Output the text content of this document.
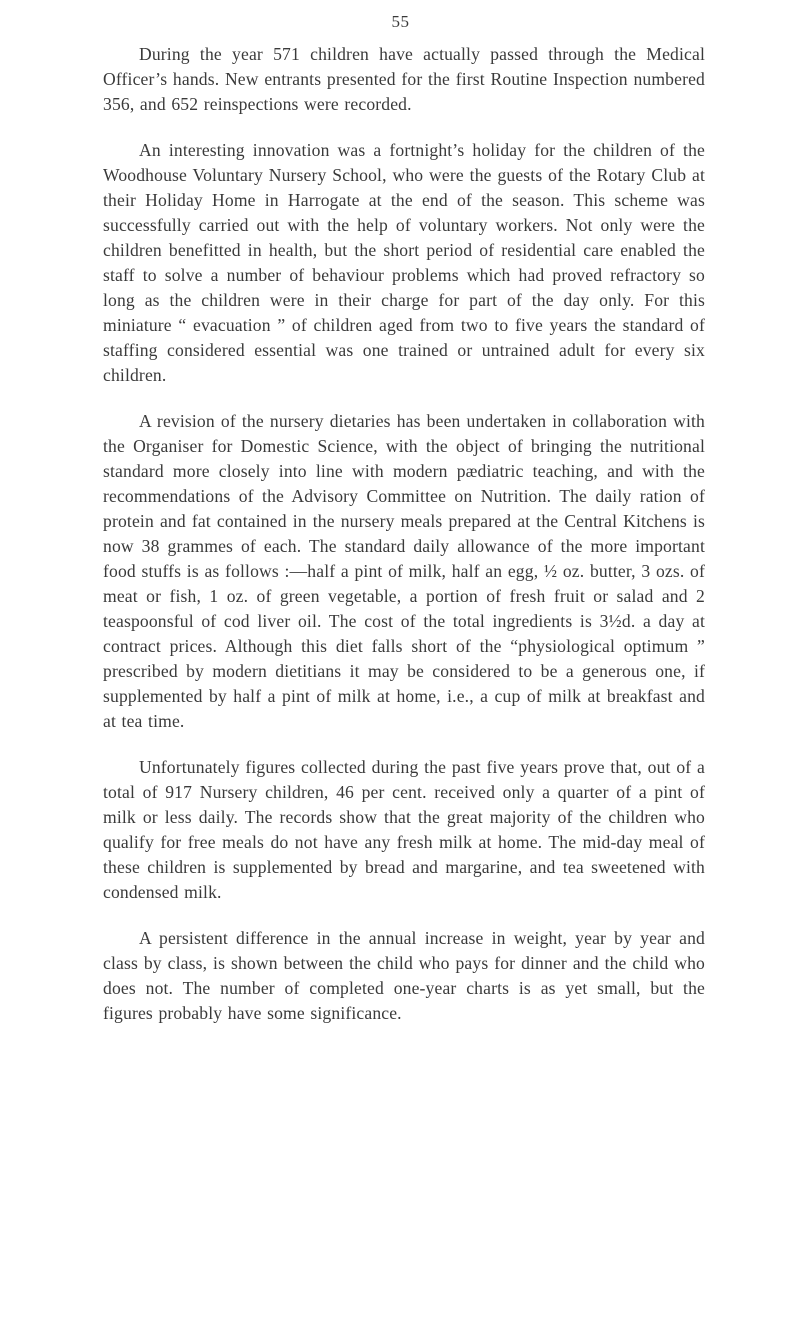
55

During the year 571 children have actually passed through the Medical Officer’s hands. New entrants presented for the first Routine Inspection numbered 356, and 652 reinspections were recorded.

An interesting innovation was a fortnight’s holiday for the children of the Woodhouse Voluntary Nursery School, who were the guests of the Rotary Club at their Holiday Home in Harrogate at the end of the season. This scheme was successfully carried out with the help of voluntary workers. Not only were the children benefitted in health, but the short period of residential care enabled the staff to solve a number of behaviour problems which had proved refractory so long as the children were in their charge for part of the day only. For this miniature “ evacuation ” of children aged from two to five years the standard of staffing considered essential was one trained or untrained adult for every six children.

A revision of the nursery dietaries has been undertaken in collaboration with the Organiser for Domestic Science, with the object of bringing the nutritional standard more closely into line with modern pædiatric teaching, and with the recommendations of the Advisory Committee on Nutrition. The daily ration of protein and fat contained in the nursery meals prepared at the Central Kitchens is now 38 grammes of each. The standard daily allowance of the more important food stuffs is as follows :—half a pint of milk, half an egg, ½ oz. butter, 3 ozs. of meat or fish, 1 oz. of green vegetable, a portion of fresh fruit or salad and 2 teaspoonsful of cod liver oil. The cost of the total ingredients is 3½d. a day at contract prices. Although this diet falls short of the “physiological optimum ” prescribed by modern dietitians it may be considered to be a generous one, if supplemented by half a pint of milk at home, i.e., a cup of milk at breakfast and at tea time.

Unfortunately figures collected during the past five years prove that, out of a total of 917 Nursery children, 46 per cent. received only a quarter of a pint of milk or less daily. The records show that the great majority of the children who qualify for free meals do not have any fresh milk at home. The mid-day meal of these children is supplemented by bread and margarine, and tea sweetened with condensed milk.

A persistent difference in the annual increase in weight, year by year and class by class, is shown between the child who pays for dinner and the child who does not. The number of completed one-year charts is as yet small, but the figures probably have some significance.
